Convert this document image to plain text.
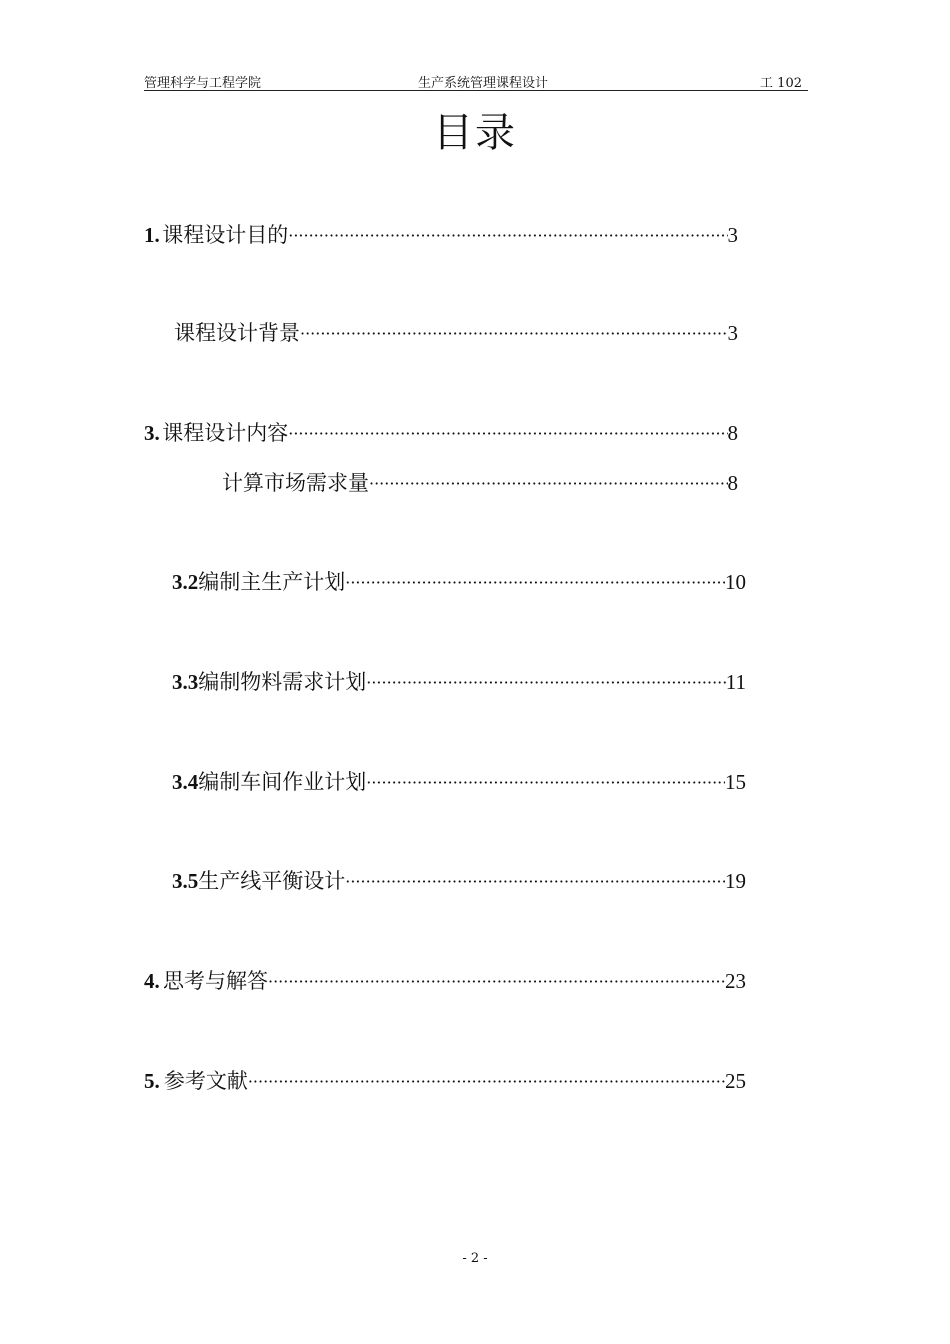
管理科学与工程学院	生产系统管理课程设计	工 102
目录
1. 课程设计目的 ·····	3
课程设计背景 ·····	3
3. 课程设计内容 ·····	8
计算市场需求量 ·····	8
3.2 编制主生产计划 ·····	10
3.3 编制物料需求计划 ·····	11
3.4 编制车间作业计划 ·····	15
3.5 生产线平衡设计 ·····	19
4. 思考与解答 ·····	23
5. 参考文献 ·····	25
- 2 -
